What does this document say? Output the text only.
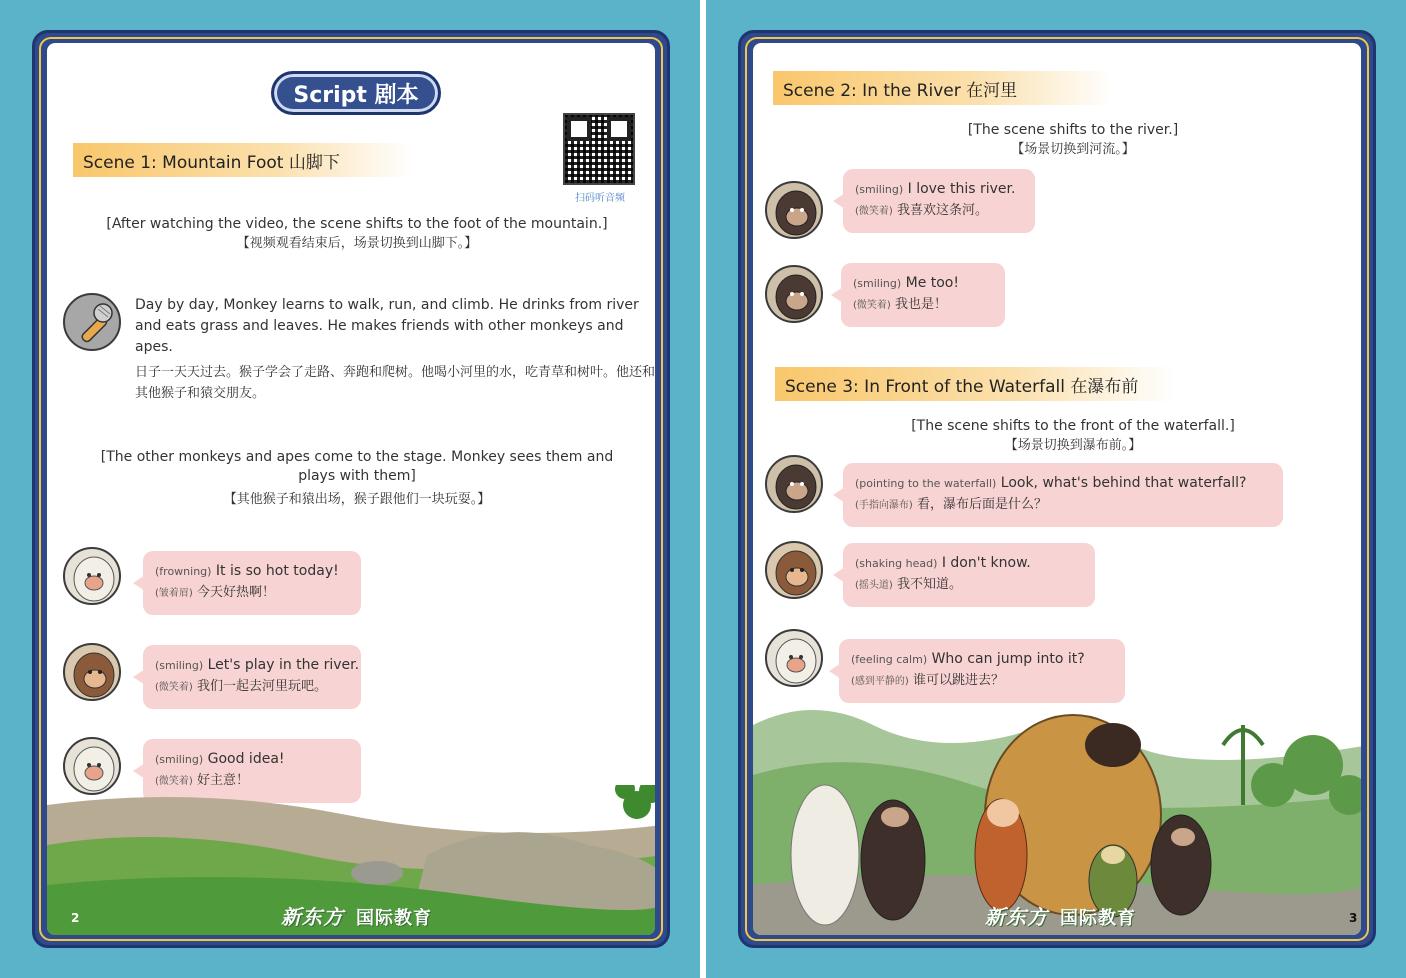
Script 剧本
Scene 1: Mountain Foot 山脚下
扫码听音频
[After watching the video, the scene shifts to the foot of the mountain.]
【视频观看结束后，场景切换到山脚下。】
Day by day, Monkey learns to walk, run, and climb. He drinks from river and eats grass and leaves. He makes friends with other monkeys and apes.
日子一天天过去。猴子学会了走路、奔跑和爬树。他喝小河里的水，吃青草和树叶。他还和其他猴子和猿交朋友。
[The other monkeys and apes come to the stage. Monkey sees them and plays with them]
【其他猴子和猿出场，猴子跟他们一块玩耍。】
(frowning) It is so hot today!
(皱着眉) 今天好热啊！
(smiling) Let's play in the river.
(微笑着) 我们一起去河里玩吧。
(smiling) Good idea!
(微笑着) 好主意！
新东方 国际教育
2
Scene 2: In the River 在河里
[The scene shifts to the river.]
【场景切换到河流。】
(smiling) I love this river.
(微笑着) 我喜欢这条河。
(smiling) Me too!
(微笑着) 我也是！
Scene 3: In Front of the Waterfall 在瀑布前
[The scene shifts to the front of the waterfall.]
【场景切换到瀑布前。】
(pointing to the waterfall) Look, what's behind that waterfall?
(手指向瀑布) 看，瀑布后面是什么？
(shaking head) I don't know.
(摇头道) 我不知道。
(feeling calm) Who can jump into it?
(感到平静的) 谁可以跳进去？
新东方 国际教育	3
